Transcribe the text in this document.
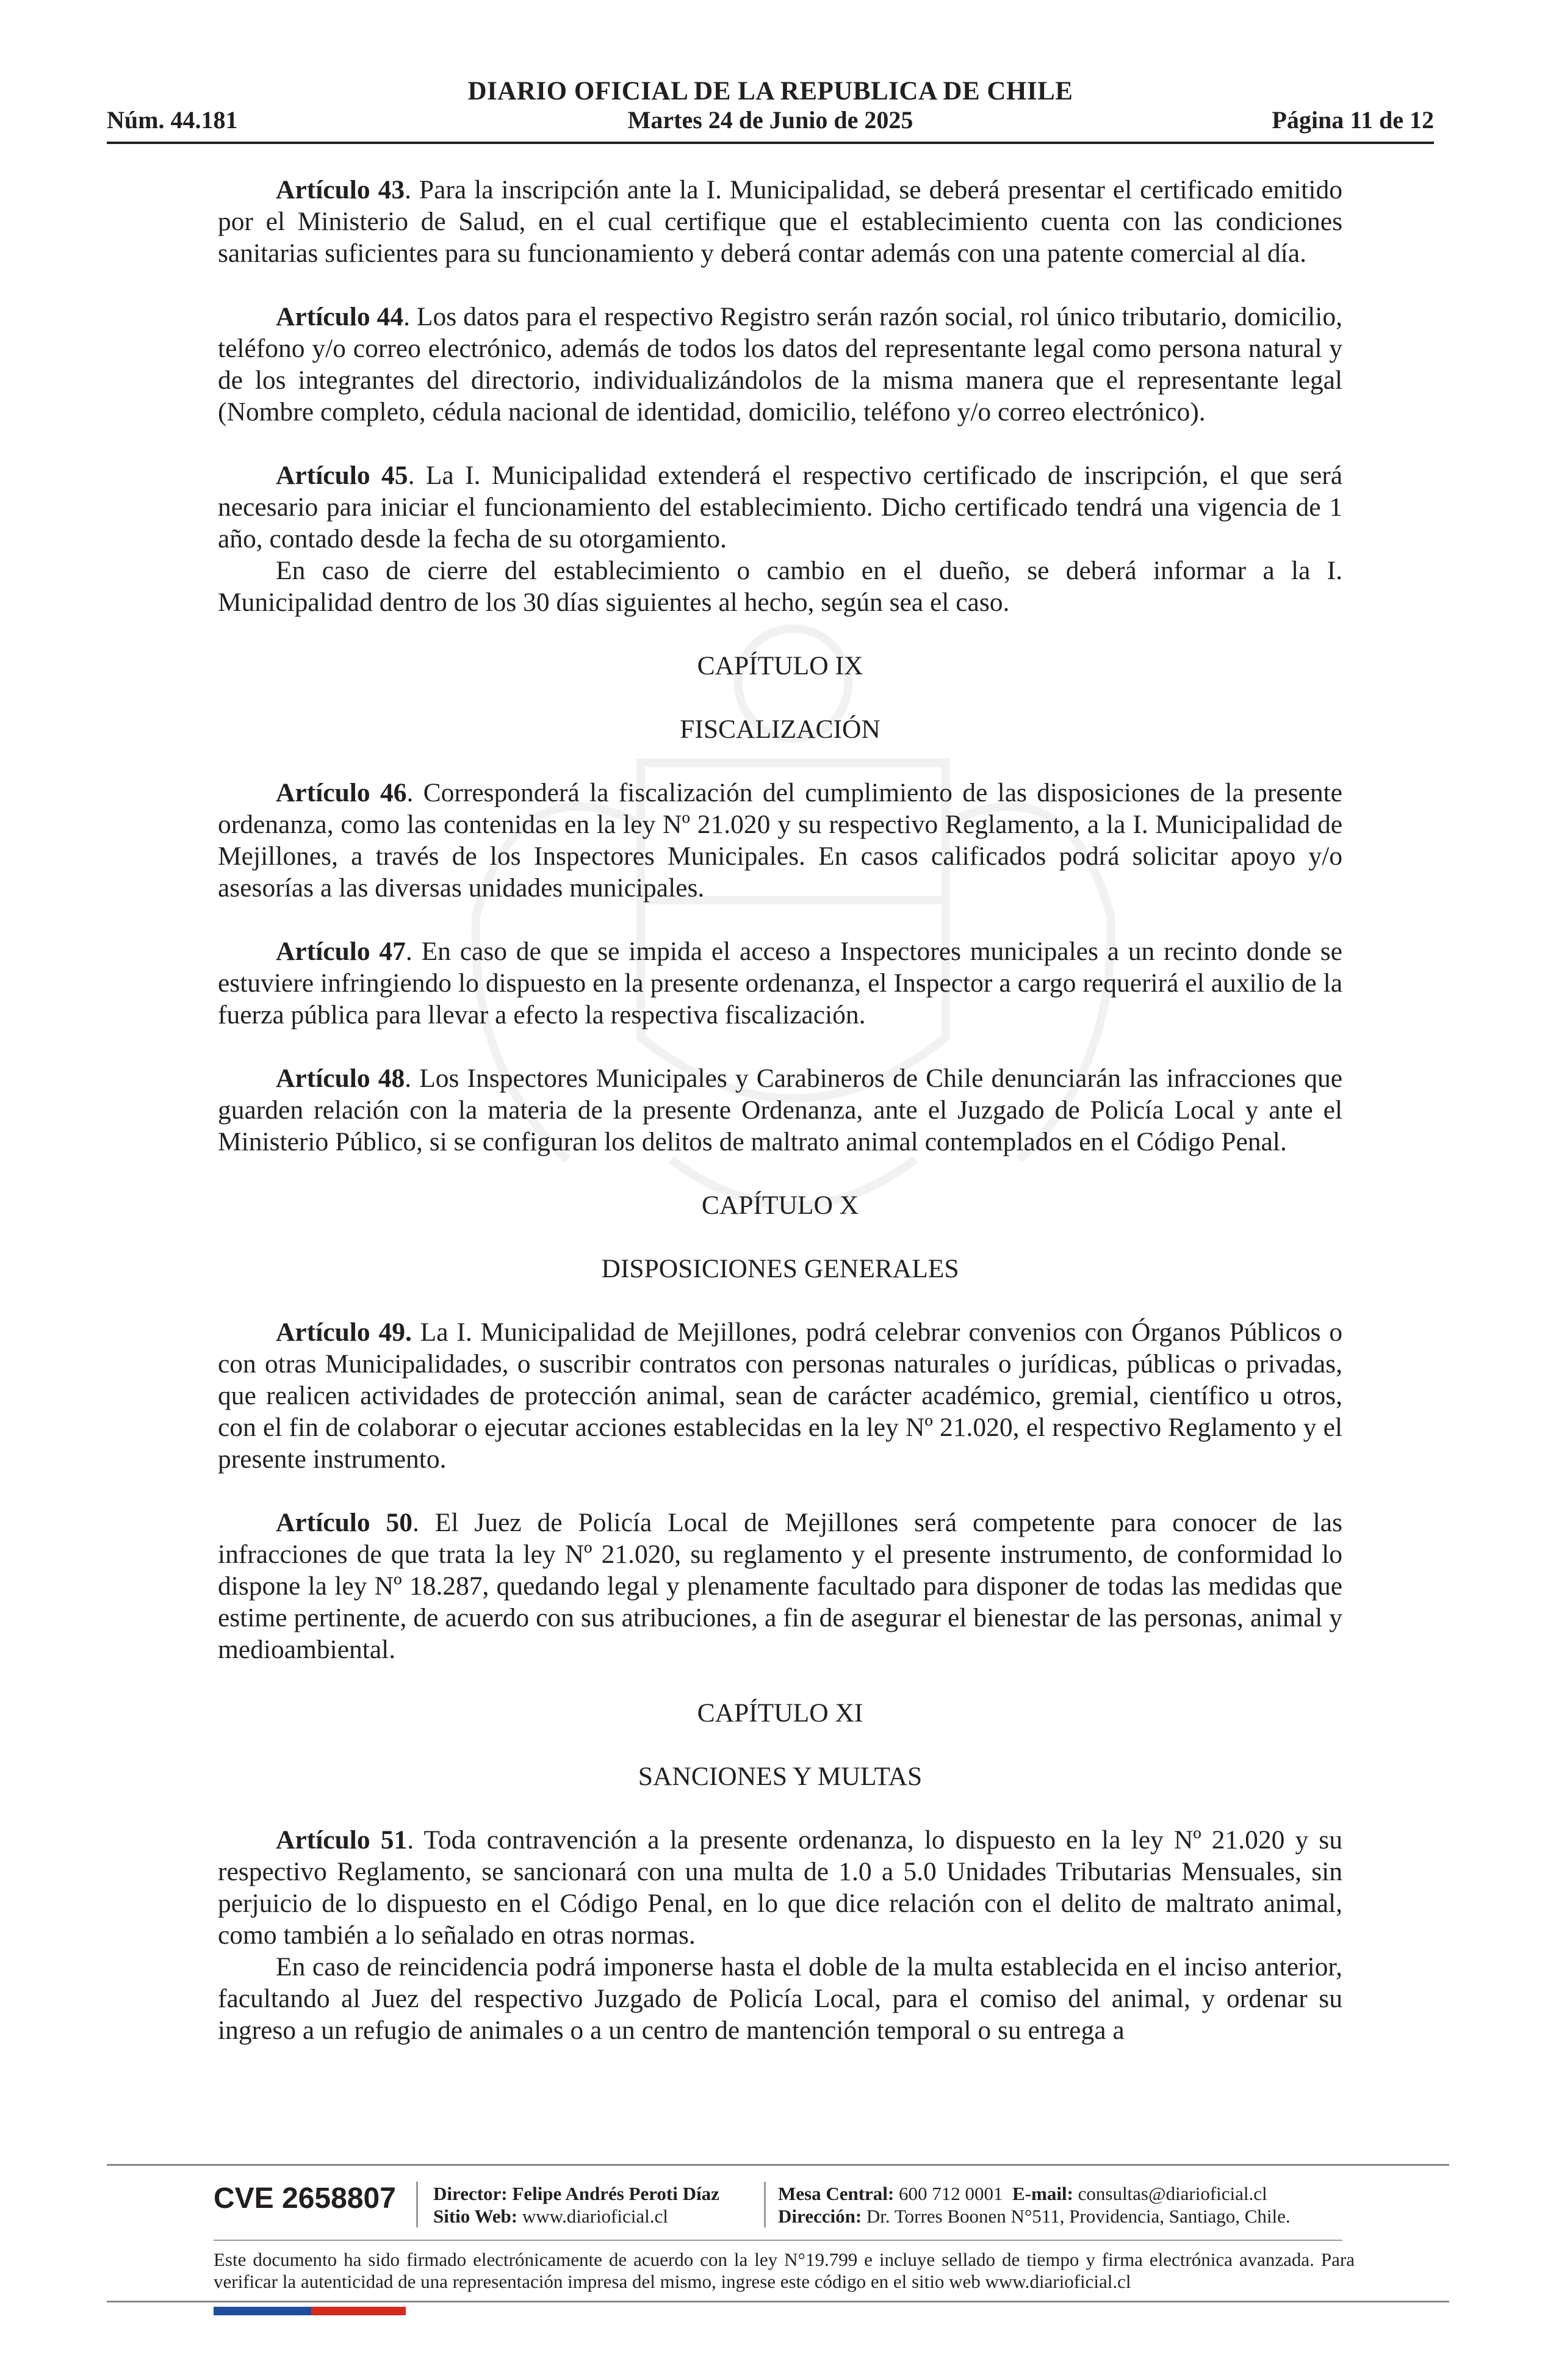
DIARIO OFICIAL DE LA REPUBLICA DE CHILE
Núm. 44.181	Martes 24 de Junio de 2025	Página 11 de 12

Artículo 43. Para la inscripción ante la I. Municipalidad, se deberá presentar el certificado emitido por el Ministerio de Salud, en el cual certifique que el establecimiento cuenta con las condiciones sanitarias suficientes para su funcionamiento y deberá contar además con una patente comercial al día.

Artículo 44. Los datos para el respectivo Registro serán razón social, rol único tributario, domicilio, teléfono y/o correo electrónico, además de todos los datos del representante legal como persona natural y de los integrantes del directorio, individualizándolos de la misma manera que el representante legal (Nombre completo, cédula nacional de identidad, domicilio, teléfono y/o correo electrónico).

Artículo 45. La I. Municipalidad extenderá el respectivo certificado de inscripción, el que será necesario para iniciar el funcionamiento del establecimiento. Dicho certificado tendrá una vigencia de 1 año, contado desde la fecha de su otorgamiento.

En caso de cierre del establecimiento o cambio en el dueño, se deberá informar a la I. Municipalidad dentro de los 30 días siguientes al hecho, según sea el caso.

CAPÍTULO IX

FISCALIZACIÓN

Artículo 46. Corresponderá la fiscalización del cumplimiento de las disposiciones de la presente ordenanza, como las contenidas en la ley Nº 21.020 y su respectivo Reglamento, a la I. Municipalidad de Mejillones, a través de los Inspectores Municipales. En casos calificados podrá solicitar apoyo y/o asesorías a las diversas unidades municipales.

Artículo 47. En caso de que se impida el acceso a Inspectores municipales a un recinto donde se estuviere infringiendo lo dispuesto en la presente ordenanza, el Inspector a cargo requerirá el auxilio de la fuerza pública para llevar a efecto la respectiva fiscalización.

Artículo 48. Los Inspectores Municipales y Carabineros de Chile denunciarán las infracciones que guarden relación con la materia de la presente Ordenanza, ante el Juzgado de Policía Local y ante el Ministerio Público, si se configuran los delitos de maltrato animal contemplados en el Código Penal.

CAPÍTULO X

DISPOSICIONES GENERALES

Artículo 49. La I. Municipalidad de Mejillones, podrá celebrar convenios con Órganos Públicos o con otras Municipalidades, o suscribir contratos con personas naturales o jurídicas, públicas o privadas, que realicen actividades de protección animal, sean de carácter académico, gremial, científico u otros, con el fin de colaborar o ejecutar acciones establecidas en la ley Nº 21.020, el respectivo Reglamento y el presente instrumento.

Artículo 50. El Juez de Policía Local de Mejillones será competente para conocer de las infracciones de que trata la ley Nº 21.020, su reglamento y el presente instrumento, de conformidad lo dispone la ley Nº 18.287, quedando legal y plenamente facultado para disponer de todas las medidas que estime pertinente, de acuerdo con sus atribuciones, a fin de asegurar el bienestar de las personas, animal y medioambiental.

CAPÍTULO XI

SANCIONES Y MULTAS

Artículo 51. Toda contravención a la presente ordenanza, lo dispuesto en la ley Nº 21.020 y su respectivo Reglamento, se sancionará con una multa de 1.0 a 5.0 Unidades Tributarias Mensuales, sin perjuicio de lo dispuesto en el Código Penal, en lo que dice relación con el delito de maltrato animal, como también a lo señalado en otras normas.

En caso de reincidencia podrá imponerse hasta el doble de la multa establecida en el inciso anterior, facultando al Juez del respectivo Juzgado de Policía Local, para el comiso del animal, y ordenar su ingreso a un refugio de animales o a un centro de mantención temporal o su entrega a

CVE 2658807 Director: Felipe Andrés Peroti Díaz
Sitio Web: www.diarioficial.cl
Mesa Central: 600 712 0001 E-mail: consultas@diarioficial.cl
Dirección: Dr. Torres Boonen N°511, Providencia, Santiago, Chile.
Este documento ha sido firmado electrónicamente de acuerdo con la ley N°19.799 e incluye sellado de tiempo y firma electrónica avanzada. Para verificar la autenticidad de una representación impresa del mismo, ingrese este código en el sitio web www.diarioficial.cl
